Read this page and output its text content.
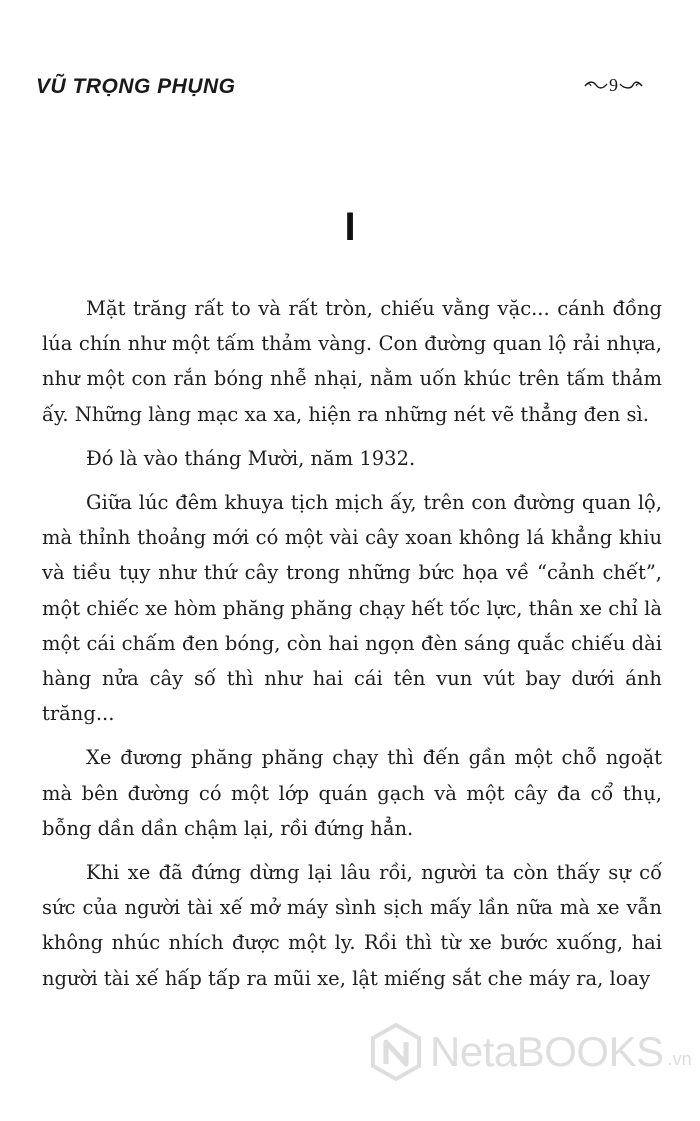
VŨ TRỌNG PHỤNG	9
I

Mặt trăng rất to và rất tròn, chiếu vằng vặc... cánh đồng lúa chín như một tấm thảm vàng. Con đường quan lộ rải nhựa, như một con rắn bóng nhễ nhại, nằm uốn khúc trên tấm thảm ấy. Những làng mạc xa xa, hiện ra những nét vẽ thẳng đen sì.

Đó là vào tháng Mười, năm 1932.

Giữa lúc đêm khuya tịch mịch ấy, trên con đường quan lộ, mà thỉnh thoảng mới có một vài cây xoan không lá khẳng khiu và tiều tụy như thứ cây trong những bức họa về “cảnh chết”, một chiếc xe hòm phăng phăng chạy hết tốc lực, thân xe chỉ là một cái chấm đen bóng, còn hai ngọn đèn sáng quắc chiếu dài hàng nửa cây số thì như hai cái tên vun vút bay dưới ánh trăng...

Xe đương phăng phăng chạy thì đến gần một chỗ ngoặt mà bên đường có một lớp quán gạch và một cây đa cổ thụ, bỗng dần dần chậm lại, rồi đứng hẳn.

Khi xe đã đứng dừng lại lâu rồi, người ta còn thấy sự cố sức của người tài xế mở máy sình sịch mấy lần nữa mà xe vẫn không nhúc nhích được một ly. Rồi thì từ xe bước xuống, hai người tài xế hấp tấp ra mũi xe, lật miếng sắt che máy ra, loay

NetaBOOKS .vn
